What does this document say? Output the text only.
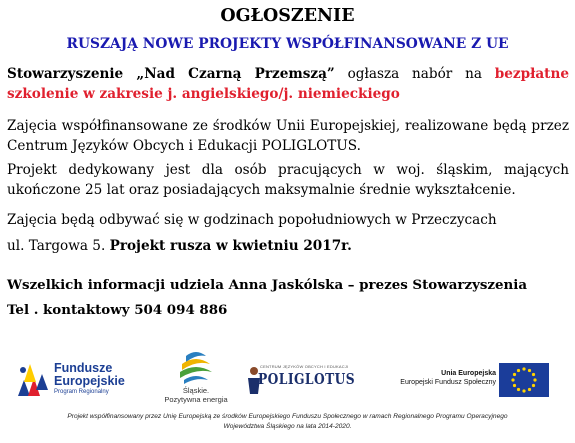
OGŁOSZENIE
RUSZAJĄ NOWE PROJEKTY WSPÓŁFINANSOWANE Z UE
Stowarzyszenie „Nad Czarną Przemszą” ogłasza nabór na bezpłatne szkolenie w zakresie j. angielskiego/j. niemieckiego
Zajęcia współfinansowane ze środków Unii Europejskiej, realizowane będą przez Centrum Języków Obcych i Edukacji POLIGLOTUS.
Projekt dedykowany jest dla osób pracujących w woj. śląskim, mających ukończone 25 lat oraz posiadających maksymalnie średnie wykształcenie.
Zajęcia będą odbywać się w godzinach popołudniowych w Przeczycach
ul. Targowa 5. Projekt rusza w kwietniu 2017r.
Wszelkich informacji udziela Anna Jaskólska – prezes Stowarzyszenia
Tel . kontaktowy 504 094 886
Fundusze
Europejskie
Program Regionalny	Śląskie.
Pozytywna energia
CENTRUM JĘZYKÓW OBCYCH I EDUKACJI
POLIGLOTUS	Unia Europejska
Europejski Fundusz Społeczny
Projekt współfinansowany przez Unię Europejską ze środków Europejskiego Funduszu Społecznego w ramach Regionalnego Programu Operacyjnego
Województwa Śląskiego na lata 2014-2020.
